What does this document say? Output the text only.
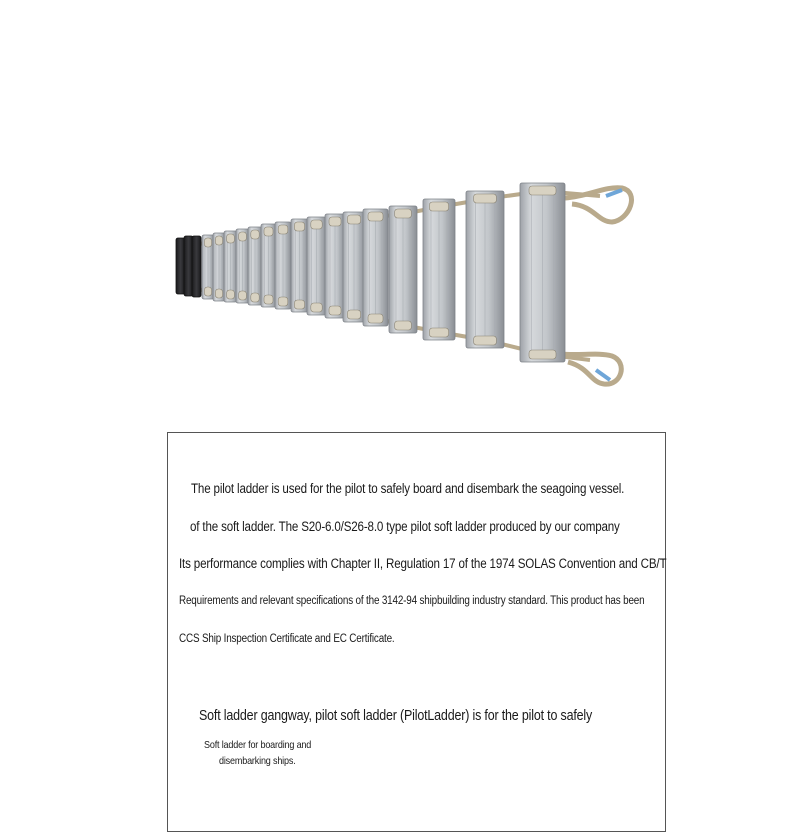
The pilot ladder is used for the pilot to safely board and disembark the seagoing vessel.
of the soft ladder. The S20-6.0/S26-8.0 type pilot soft ladder produced by our company
Its performance complies with Chapter II, Regulation 17 of the 1974 SOLAS Convention and CB/T
Requirements and relevant specifications of the 3142-94 shipbuilding industry standard. This product has been
CCS Ship Inspection Certificate and EC Certificate.
Soft ladder gangway, pilot soft ladder (PilotLadder) is for the pilot to safely
Soft ladder for boarding and
disembarking ships.
